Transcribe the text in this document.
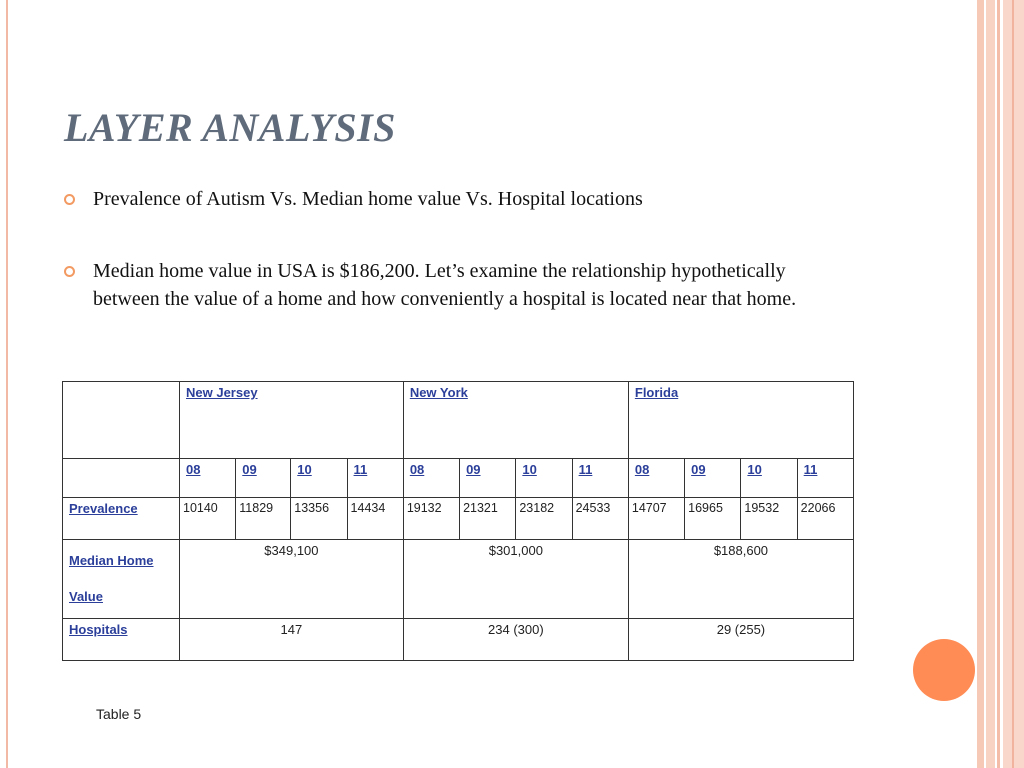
LAYER ANALYSIS
Prevalence of Autism Vs. Median home value Vs. Hospital locations
Median home value in USA is $186,200. Let’s examine the relationship hypothetically between the value of a home and how conveniently a hospital is located near that home.
	New Jersey				New York				Florida			
	08	09	10	11	08	09	10	11	08	09	10	11
Prevalence	10140	11829	13356	14434	19132	21321	23182	24533	14707	16965	19532	22066
Median Home
Value	$349,100				$301,000				$188,600			
Hospitals	147				234 (300)				29 (255)			
Table 5
